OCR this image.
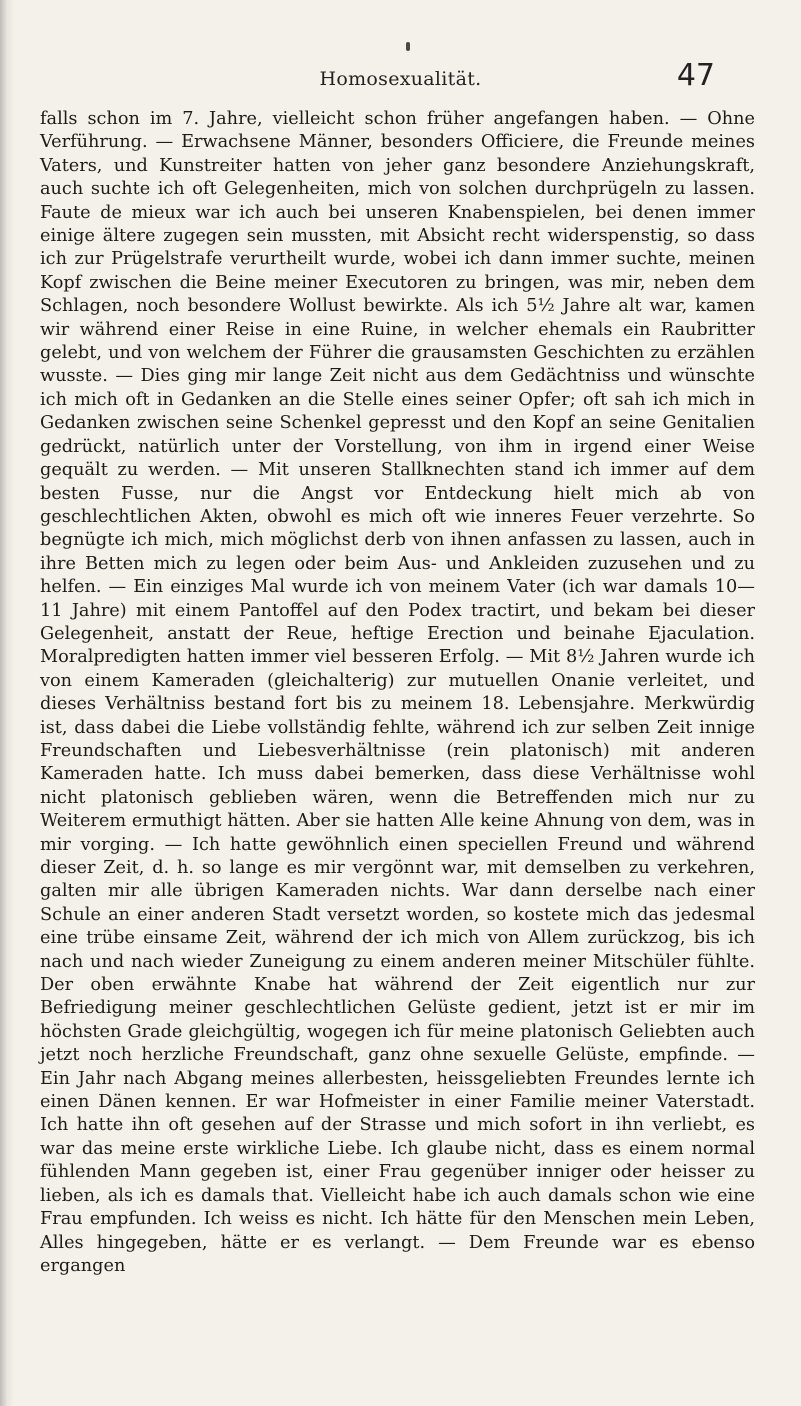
Homosexualität.	47

falls schon im 7. Jahre, vielleicht schon früher angefangen haben. — Ohne Verführung. — Erwachsene Männer, besonders Officiere, die Freunde meines Vaters, und Kunstreiter hatten von jeher ganz besondere Anziehungskraft, auch suchte ich oft Gelegenheiten, mich von solchen durchprügeln zu lassen. Faute de mieux war ich auch bei unseren Knabenspielen, bei denen immer einige ältere zugegen sein mussten, mit Absicht recht widerspenstig, so dass ich zur Prügelstrafe verurtheilt wurde, wobei ich dann immer suchte, meinen Kopf zwischen die Beine meiner Executoren zu bringen, was mir, neben dem Schlagen, noch besondere Wollust bewirkte. Als ich 5½ Jahre alt war, kamen wir während einer Reise in eine Ruine, in welcher ehemals ein Raubritter gelebt, und von welchem der Führer die grausamsten Geschichten zu erzählen wusste. — Dies ging mir lange Zeit nicht aus dem Gedächtniss und wünschte ich mich oft in Gedanken an die Stelle eines seiner Opfer; oft sah ich mich in Gedanken zwischen seine Schenkel gepresst und den Kopf an seine Genitalien gedrückt, natürlich unter der Vorstellung, von ihm in irgend einer Weise gequält zu werden. — Mit unseren Stallknechten stand ich immer auf dem besten Fusse, nur die Angst vor Entdeckung hielt mich ab von geschlechtlichen Akten, obwohl es mich oft wie inneres Feuer verzehrte. So begnügte ich mich, mich möglichst derb von ihnen anfassen zu lassen, auch in ihre Betten mich zu legen oder beim Aus- und Ankleiden zuzusehen und zu helfen. — Ein einziges Mal wurde ich von meinem Vater (ich war damals 10—11 Jahre) mit einem Pantoffel auf den Podex tractirt, und bekam bei dieser Gelegenheit, anstatt der Reue, heftige Erection und beinahe Ejaculation. Moralpredigten hatten immer viel besseren Erfolg. — Mit 8½ Jahren wurde ich von einem Kameraden (gleichalterig) zur mutuellen Onanie verleitet, und dieses Verhältniss bestand fort bis zu meinem 18. Lebensjahre. Merkwürdig ist, dass dabei die Liebe vollständig fehlte, während ich zur selben Zeit innige Freundschaften und Liebesverhältnisse (rein platonisch) mit anderen Kameraden hatte. Ich muss dabei bemerken, dass diese Verhältnisse wohl nicht platonisch geblieben wären, wenn die Betreffenden mich nur zu Weiterem ermuthigt hätten. Aber sie hatten Alle keine Ahnung von dem, was in mir vorging. — Ich hatte gewöhnlich einen speciellen Freund und während dieser Zeit, d. h. so lange es mir vergönnt war, mit demselben zu verkehren, galten mir alle übrigen Kameraden nichts. War dann derselbe nach einer Schule an einer anderen Stadt versetzt worden, so kostete mich das jedesmal eine trübe einsame Zeit, während der ich mich von Allem zurückzog, bis ich nach und nach wieder Zuneigung zu einem anderen meiner Mitschüler fühlte. Der oben erwähnte Knabe hat während der Zeit eigentlich nur zur Befriedigung meiner geschlechtlichen Gelüste gedient, jetzt ist er mir im höchsten Grade gleichgültig, wogegen ich für meine platonisch Geliebten auch jetzt noch herzliche Freundschaft, ganz ohne sexuelle Gelüste, empfinde. — Ein Jahr nach Abgang meines allerbesten, heissgeliebten Freundes lernte ich einen Dänen kennen. Er war Hofmeister in einer Familie meiner Vaterstadt. Ich hatte ihn oft gesehen auf der Strasse und mich sofort in ihn verliebt, es war das meine erste wirkliche Liebe. Ich glaube nicht, dass es einem normal fühlenden Mann gegeben ist, einer Frau gegenüber inniger oder heisser zu lieben, als ich es damals that. Vielleicht habe ich auch damals schon wie eine Frau empfunden. Ich weiss es nicht. Ich hätte für den Menschen mein Leben, Alles hingegeben, hätte er es verlangt. — Dem Freunde war es ebenso ergangen
